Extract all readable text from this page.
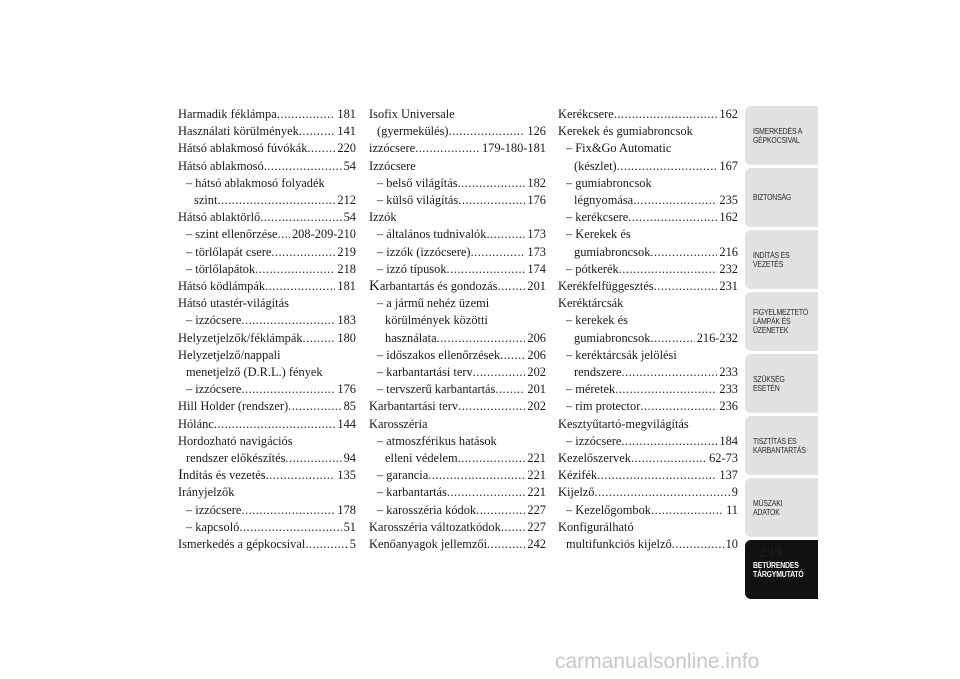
Harmadik féklámpa .....	181
Használati körülmények .....	141
Hátsó ablakmosó fúvókák ..... 220
Hátsó ablakmosó .....	54
– hátsó ablakmosó folyadék
szint .....	212
Hátsó ablaktörlő .....	54
– szint ellenőrzése ..... 208-209-210
– törlőlapát csere .....	219
– törlőlapátok .....	218
Hátsó ködlámpák .....	181
Hátsó utastér-világítás
– izzócsere .....	183
Helyzetjelzők/féklámpák .....	180
Helyzetjelző/nappali
menetjelző (D.R.L.) fények
– izzócsere .....	176
Hill Holder (rendszer) .....	85
Hólánc .....	144
Hordozható navigációs
rendszer előkészítés .....	94
Indítás és vezetés .....	135
Irányjelzők
– izzócsere .....	178
– kapcsoló .....	51
Ismerkedés a gépkocsival .....	5
Isofix Universale
(gyermekülés) .....	126
izzócsere .....	179-180-181
Izzócsere
– belső világítás .....	182
– külső világítás .....	176
Izzók
– általános tudnivalók .....	173
– izzók (izzócsere) .....	173
– izzó típusok .....	174
Karbantartás és gondozás ..... 201
– a jármű nehéz üzemi
körülmények közötti
használata .....	206
– időszakos ellenőrzések ..... 206
– karbantartási terv .....	202
– tervszerű karbantartás .....	201
Karbantartási terv .....	202
Karosszéria
– atmoszférikus hatások
elleni védelem .....	221
– garancia .....	221
– karbantartás .....	221
– karosszéria kódok .....	227
Karosszéria változatkódok ..... 227
Kenőanyagok jellemzői .....	242
Kerékcsere .....	162
Kerekek és gumiabroncsok
– Fix&Go Automatic
(készlet) .....	167
– gumiabroncsok
légnyomása .....	235
– kerékcsere .....	162
– Kerekek és
gumiabroncsok .....	216
– pótkerék .....	232
Kerékfelfüggesztés .....	231
Keréktárcsák
– kerekek és
gumiabroncsok .....	216-232
– keréktárcsák jelölési
rendszere .....	233
– méretek .....	233
– rim protector .....	236
Kesztyűtartó-megvilágítás
– izzócsere .....	184
Kezelőszervek .....	62-73
Kézifék .....	137
Kijelző .....	9
– Kezelőgombok .....	11
Konfigurálható
multifunkciós kijelző .....	10
ISMERKEDÉS A
GÉPKOCSIVAL
BIZTONSÁG
INDÍTÁS ÉS
VEZETÉS
FIGYELMEZTETŐ
LÁMPÁK ÉS
ÜZENETEK
SZÜKSÉG ESETÉN
TISZTÍTÁS ÉS
KARBANTARTÁS
MŰSZAKI
ADATOK
BETŰRENDES
TÁRGYMUTATÓ
293
carmanualsonline.info
